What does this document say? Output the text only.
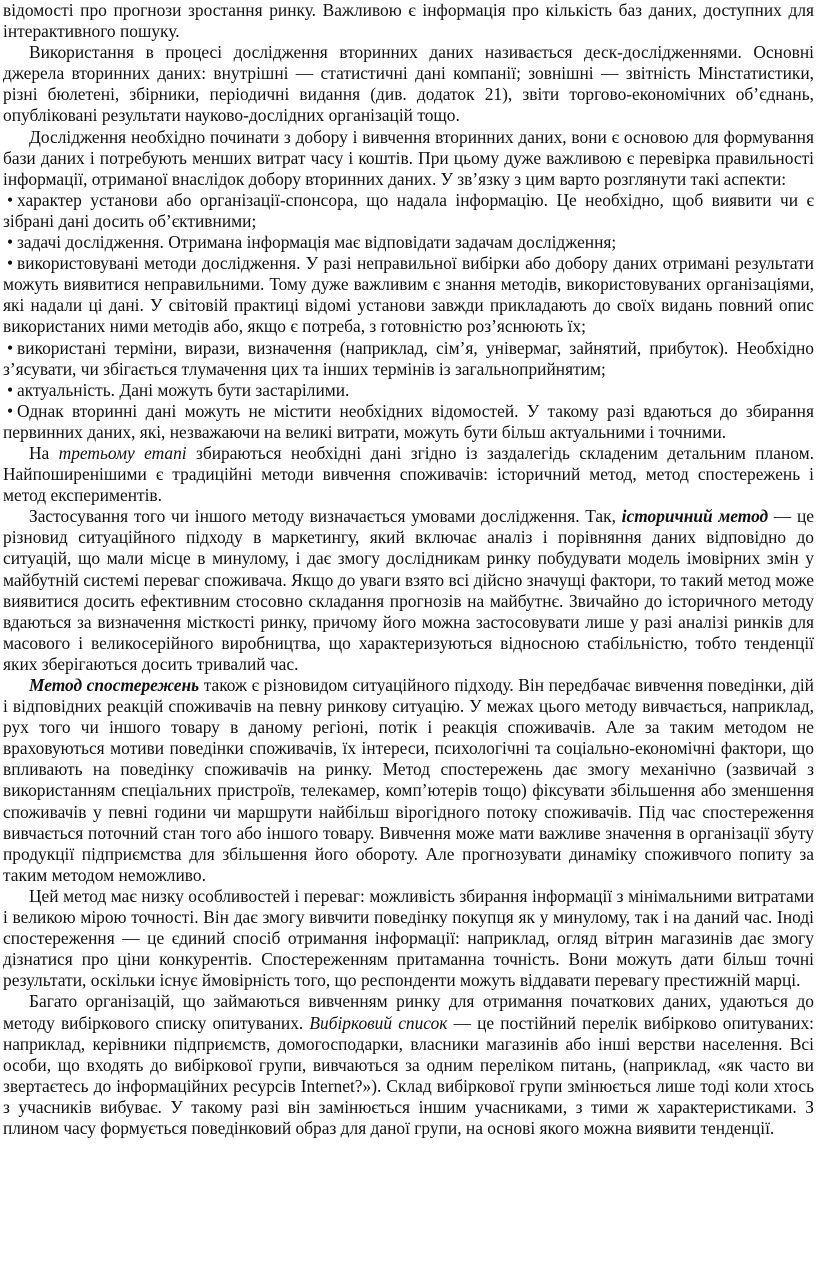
відомості про прогнози зростання ринку. Важливою є інформація про кількість баз даних, доступних для інтерактивного пошуку.

Використання в процесі дослідження вторинних даних називається деск-дослідженнями. Основні джерела вторинних даних: внутрішні — статистичні дані компанії; зовнішні — звітність Мінстатистики, різні бюлетені, збірники, періодичні видання (див. додаток 21), звіти торгово-економічних об’єднань, опубліковані результати науково-дослідних організацій тощо.

Дослідження необхідно починати з добору і вивчення вторинних даних, вони є основою для формування бази даних і потребують менших витрат часу і коштів. При цьому дуже важливою є перевірка правильності інформації, отриманої внаслідок добору вторинних даних. У зв’язку з цим варто розглянути такі аспекти:

• характер установи або організації-спонсора, що надала інформацію. Це необхідно, щоб виявити чи є зібрані дані досить об’єктивними;

• задачі дослідження. Отримана інформація має відповідати задачам дослідження;

• використовувані методи дослідження. У разі неправильної вибірки або добору даних отримані результати можуть виявитися неправильними. Тому дуже важливим є знання методів, використовуваних організаціями, які надали ці дані. У світовій практиці відомі установи завжди прикладають до своїх видань повний опис використаних ними методів або, якщо є потреба, з готовністю роз’яснюють їх;

• використані терміни, вирази, визначення (наприклад, сім’я, універмаг, зайнятий, прибуток). Необхідно з’ясувати, чи збігається тлумачення цих та інших термінів із загальноприйнятим;

• актуальність. Дані можуть бути застарілими.

• Однак вторинні дані можуть не містити необхідних відомостей. У такому разі вдаються до збирання первинних даних, які, незважаючи на великі витрати, можуть бути більш актуальними і точними.

На третьому етапі збираються необхідні дані згідно із заздалегідь складеним детальним планом. Найпоширенішими є традиційні методи вивчення споживачів: історичний метод, метод спостережень і метод експериментів.

Застосування того чи іншого методу визначається умовами дослідження. Так, історичний метод — це різновид ситуаційного підходу в маркетингу, який включає аналіз і порівняння даних відповідно до ситуацій, що мали місце в минулому, і дає змогу дослідникам ринку побудувати модель імовірних змін у майбутній системі переваг споживача. Якщо до уваги взято всі дійсно значущі фактори, то такий метод може виявитися досить ефективним стосовно складання прогнозів на майбутнє. Звичайно до історичного методу вдаються за визначення місткості ринку, причому його можна застосовувати лише у разі аналізі ринків для масового і великосерійного виробництва, що характеризуються відносною стабільністю, тобто тенденції яких зберігаються досить тривалий час.

Метод спостережень також є різновидом ситуаційного підходу. Він передбачає вивчення поведінки, дій і відповідних реакцій споживачів на певну ринкову ситуацію. У межах цього методу вивчається, наприклад, рух того чи іншого товару в даному регіоні, потік і реакція споживачів. Але за таким методом не враховуються мотиви поведінки споживачів, їх інтереси, психологічні та соціально-економічні фактори, що впливають на поведінку споживачів на ринку. Метод спостережень дає змогу механічно (зазвичай з використанням спеціальних пристроїв, телекамер, комп’ютерів тощо) фіксувати збільшення або зменшення споживачів у певні години чи маршрути найбільш вірогідного потоку споживачів. Під час спостереження вивчається поточний стан того або іншого товару. Вивчення може мати важливе значення в організації збуту продукції підприємства для збільшення його обороту. Але прогнозувати динаміку споживчого попиту за таким методом неможливо.

Цей метод має низку особливостей і переваг: можливість збирання інформації з мінімальними витратами і великою мірою точності. Він дає змогу вивчити поведінку покупця як у минулому, так і на даний час. Іноді спостереження — це єдиний спосіб отримання інформації: наприклад, огляд вітрин магазинів дає змогу дізнатися про ціни конкурентів. Спостереженням притаманна точність. Вони можуть дати більш точні результати, оскільки існує ймовірність того, що респонденти можуть віддавати перевагу престижній марці.

Багато організацій, що займаються вивченням ринку для отримання початкових даних, удаються до методу вибіркового списку опитуваних. Вибірковий список — це постійний перелік вибірково опитуваних: наприклад, керівники підприємств, домогосподарки, власники магазинів або інші верстви населення. Всі особи, що входять до вибіркової групи, вивчаються за одним переліком питань, (наприклад, «як часто ви звертаєтесь до інформаційних ресурсів Internet?»). Склад вибіркової групи змінюється лише тоді коли хтось з учасників вибуває. У такому разі він замінюється іншим учасниками, з тими ж характеристиками. З плином часу формується поведінковий образ для даної групи, на основі якого можна виявити тенденції.
